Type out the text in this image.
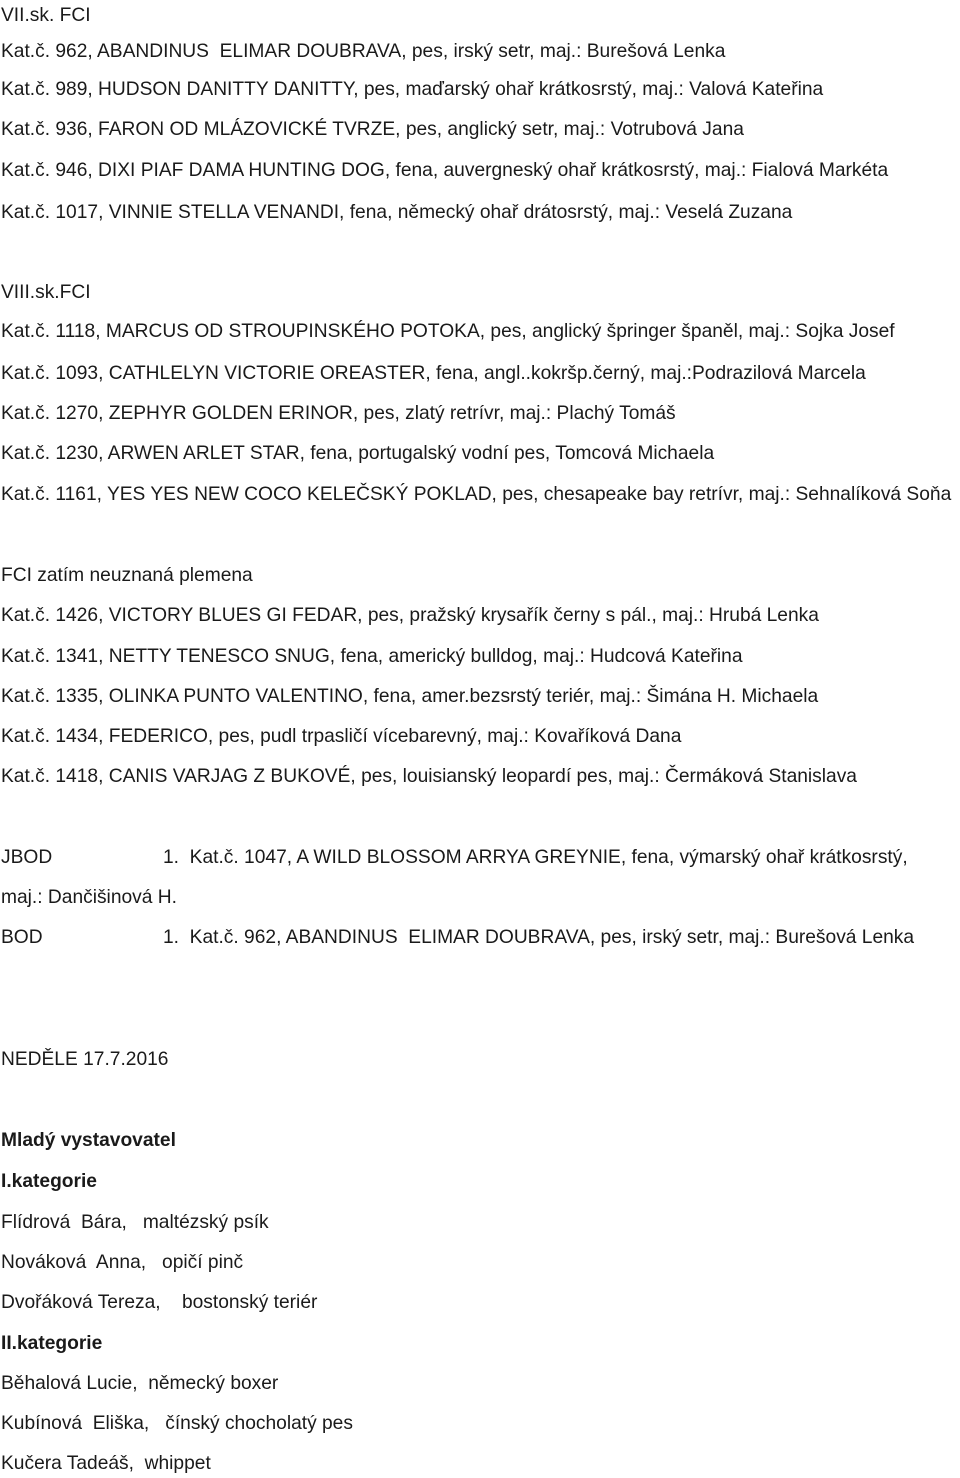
VII.sk. FCI

Kat.č. 962, ABANDINUS  ELIMAR DOUBRAVA, pes, irský setr, maj.: Burešová Lenka

Kat.č. 989, HUDSON DANITTY DANITTY, pes, maďarský ohař krátkosrstý, maj.: Valová Kateřina

Kat.č. 936, FARON OD MLÁZOVICKÉ TVRZE, pes, anglický setr, maj.: Votrubová Jana

Kat.č. 946, DIXI PIAF DAMA HUNTING DOG, fena, auvergneský ohař krátkosrstý, maj.: Fialová Markéta

Kat.č. 1017, VINNIE STELLA VENANDI, fena, německý ohař drátosrstý, maj.: Veselá Zuzana

VIII.sk.FCI

Kat.č. 1118, MARCUS OD STROUPINSKÉHO POTOKA, pes, anglický špringer španěl, maj.: Sojka Josef

Kat.č. 1093, CATHLELYN VICTORIE OREASTER, fena, angl..kokršp.černý, maj.:Podrazilová Marcela

Kat.č. 1270, ZEPHYR GOLDEN ERINOR, pes, zlatý retrívr, maj.: Plachý Tomáš

Kat.č. 1230, ARWEN ARLET STAR, fena, portugalský vodní pes, Tomcová Michaela

Kat.č. 1161, YES YES NEW COCO KELEČSKÝ POKLAD, pes, chesapeake bay retrívr, maj.: Sehnalíková Soňa

FCI zatím neuznaná plemena

Kat.č. 1426, VICTORY BLUES GI FEDAR, pes, pražský krysařík černy s pál., maj.: Hrubá Lenka

Kat.č. 1341, NETTY TENESCO SNUG, fena, americký bulldog, maj.: Hudcová Kateřina

Kat.č. 1335, OLINKA PUNTO VALENTINO, fena, amer.bezsrstý teriér, maj.: Šimána H. Michaela

Kat.č. 1434, FEDERICO, pes, pudl trpasličí vícebarevný, maj.: Kovaříková Dana

Kat.č. 1418, CANIS VARJAG Z BUKOVÉ, pes, louisianský leopardí pes, maj.: Čermáková Stanislava

JBOD	1.  Kat.č. 1047, A WILD BLOSSOM ARRYA GREYNIE, fena, výmarský ohař krátkosrstý,

maj.: Dančišinová H.

BOD	1.  Kat.č. 962, ABANDINUS  ELIMAR DOUBRAVA, pes, irský setr, maj.: Burešová Lenka

NEDĚLE 17.7.2016

Mladý vystavovatel

I.kategorie

Flídrová  Bára,   maltézský psík

Nováková  Anna,   opičí pinč

Dvořáková Tereza,    bostonský teriér

II.kategorie

Běhalová Lucie,  německý boxer

Kubínová  Eliška,   čínský chocholatý pes

Kučera Tadeáš,  whippet
